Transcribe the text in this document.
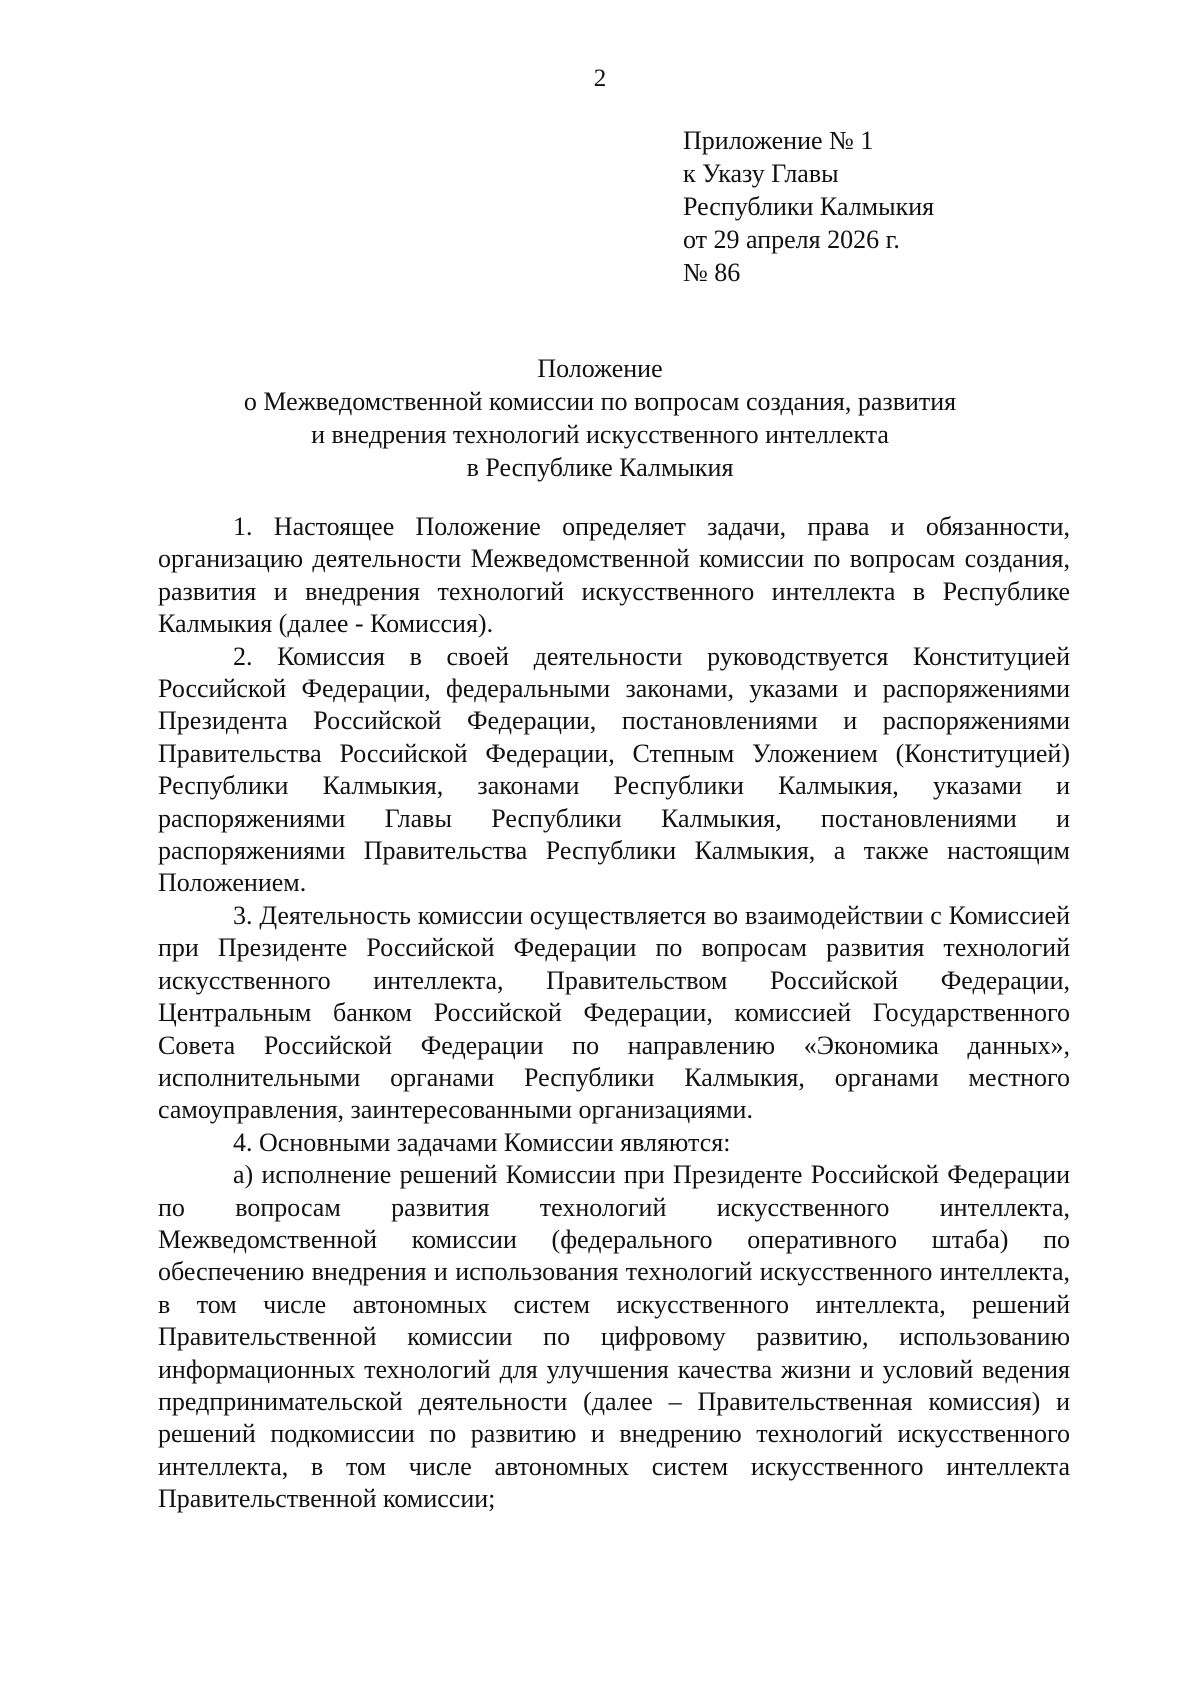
2
Приложение № 1
к Указу Главы
Республики Калмыкия
от 29 апреля 2026 г.
№ 86
Положение
о Межведомственной комиссии по вопросам создания, развития
и внедрения технологий искусственного интеллекта
в Республике Калмыкия

1. Настоящее Положение определяет задачи, права и обязанности, организацию деятельности Межведомственной комиссии по вопросам создания, развития и внедрения технологий искусственного интеллекта в Республике Калмыкия (далее - Комиссия).

2. Комиссия в своей деятельности руководствуется Конституцией Российской Федерации, федеральными законами, указами и распоряжениями Президента Российской Федерации, постановлениями и распоряжениями Правительства Российской Федерации, Степным Уложением (Конституцией) Республики Калмыкия, законами Республики Калмыкия, указами и распоряжениями Главы Республики Калмыкия, постановлениями и распоряжениями Правительства Республики Калмыкия, а также настоящим Положением.

3. Деятельность комиссии осуществляется во взаимодействии с Комиссией при Президенте Российской Федерации по вопросам развития технологий искусственного интеллекта, Правительством Российской Федерации, Центральным банком Российской Федерации, комиссией Государственного Совета Российской Федерации по направлению «Экономика данных», исполнительными органами Республики Калмыкия, органами местного самоуправления, заинтересованными организациями.

4. Основными задачами Комиссии являются:

а) исполнение решений Комиссии при Президенте Российской Федерации по вопросам развития технологий искусственного интеллекта, Межведомственной комиссии (федерального оперативного штаба) по обеспечению внедрения и использования технологий искусственного интеллекта, в том числе автономных систем искусственного интеллекта, решений Правительственной комиссии по цифровому развитию, использованию информационных технологий для улучшения качества жизни и условий ведения предпринимательской деятельности (далее – Правительственная комиссия) и решений подкомиссии по развитию и внедрению технологий искусственного интеллекта, в том числе автономных систем искусственного интеллекта Правительственной комиссии;
